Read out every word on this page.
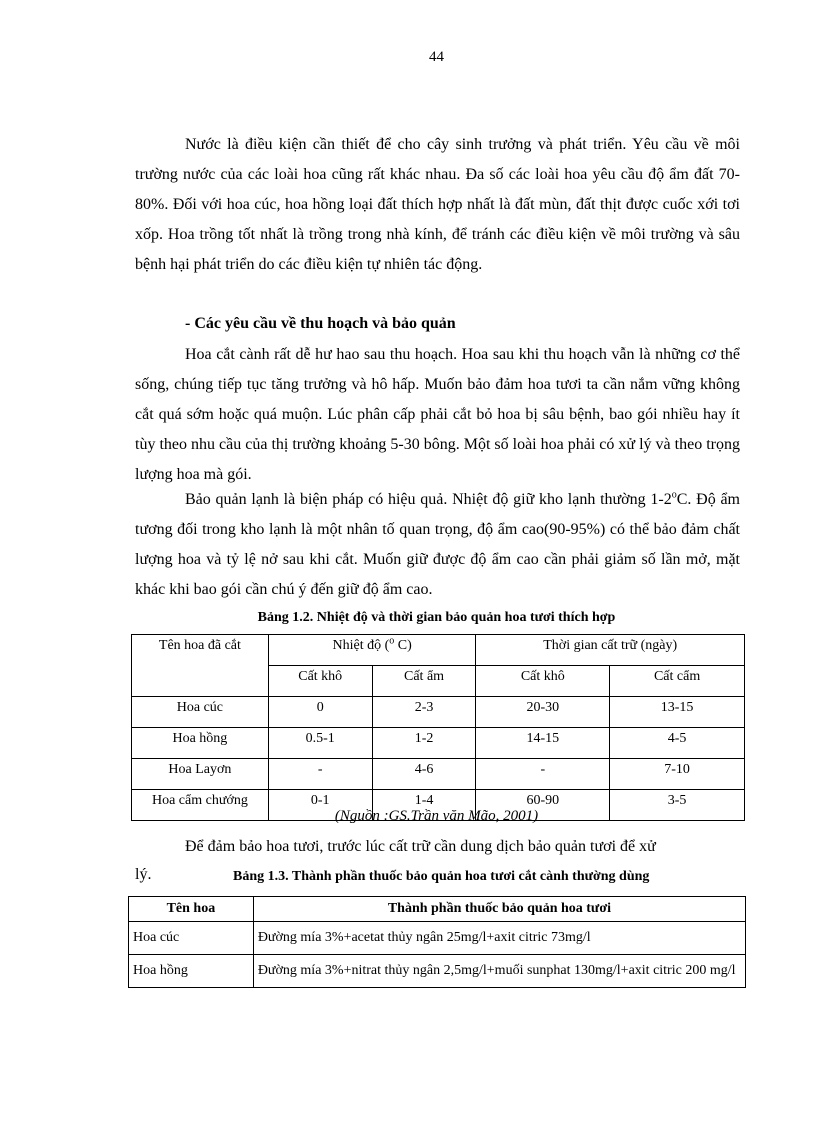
44
Nước là điều kiện cần thiết để cho cây sinh trưởng và phát triển. Yêu cầu về môi trường nước của các loài hoa cũng rất khác nhau. Đa số các loài hoa yêu cầu độ ẩm đất 70-80%. Đối với hoa cúc, hoa hồng loại đất thích hợp nhất là đất mùn, đất thịt được cuốc xới tơi xốp. Hoa trồng tốt nhất là trồng trong nhà kính, để tránh các điều kiện về môi trường và sâu bệnh hại phát triển do các điều kiện tự nhiên tác động.
- Các yêu cầu về thu hoạch và bảo quản
Hoa cắt cành rất dễ hư hao sau thu hoạch. Hoa sau khi thu hoạch vẫn là những cơ thể sống, chúng tiếp tục tăng trưởng và hô hấp. Muốn bảo đảm hoa tươi ta cần nắm vững không cắt quá sớm hoặc quá muộn. Lúc phân cấp phải cắt bỏ hoa bị sâu bệnh, bao gói nhiều hay ít tùy theo nhu cầu của thị trường khoảng 5-30 bông. Một số loài hoa phải có xử lý và theo trọng lượng hoa mà gói.
Bảo quản lạnh là biện pháp có hiệu quả. Nhiệt độ giữ kho lạnh thường 1-2$^o$C. Độ ẩm tương đối trong kho lạnh là một nhân tố quan trọng, độ ẩm cao(90-95%) có thể bảo đảm chất lượng hoa và tỷ lệ nở sau khi cắt. Muốn giữ được độ ẩm cao cần phải giảm số lần mở, mặt khác khi bao gói cần chú ý đến giữ độ ẩm cao.
Bảng 1.2. Nhiệt độ và thời gian bảo quản hoa tươi thích hợp
Tên hoa đã cắt	Nhiệt độ ($^o$ C)		Thời gian cất trữ (ngày)	
	Cất khô	Cất ẩm	Cất khô	Cất cẩm
Hoa cúc	0	2-3	20-30	13-15
Hoa hồng	0.5-1	1-2	14-15	4-5
Hoa Layơn	-	4-6	-	7-10
Hoa cẩm chướng	0-1	1-4	60-90	3-5
(Nguồn :GS.Trần văn Mão, 2001)
Để đảm bảo hoa tươi, trước lúc cất trữ cần dung dịch bảo quản tươi để xử
lý.	Bảng 1.3. Thành phần thuốc bảo quản hoa tươi cắt cành thường dùng
Tên hoa	Thành phần thuốc bảo quản hoa tươi
Hoa cúc	Đường mía 3%+acetat thủy ngân 25mg/l+axit citric 73mg/l
Hoa hồng	Đường mía 3%+nitrat thủy ngân 2,5mg/l+muối sunphat 130mg/l+axit citric 200 mg/l
